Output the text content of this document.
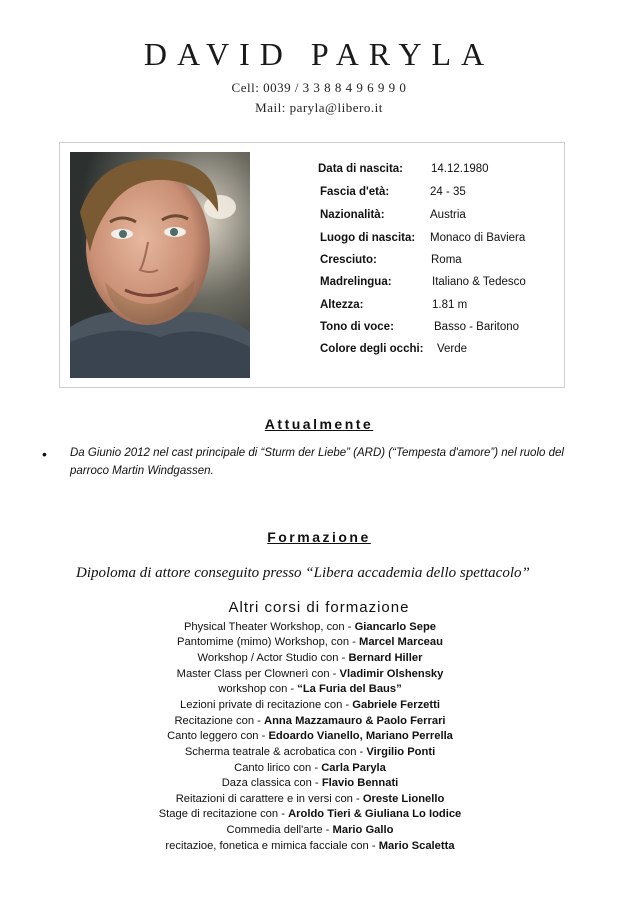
DAVID PARYLA
Cell: 0039 / 3 3 8 8 4 9 6 9 9 0
Mail: paryla@libero.it
Data di nascita: 14.12.1980
Fascia d'età:	24 - 35
Nazionalità:	Austria
Luogo di nascita: Monaco di Baviera
Cresciuto:	Roma
Madrelingua:	Italiano & Tedesco
Altezza:	1.81 m
Tono di voce:	Basso - Baritono
Colore degli occhi: Verde
Attualmente
• Da Giunio 2012 nel cast principale di “Sturm der Liebe” (ARD) (“Tempesta d'amore”) nel ruolo del parroco Martin Windgassen.
Formazione
Dipoloma di attore conseguito presso “Libera accademia dello spettacolo”
Altri corsi di formazione
Physical Theater Workshop, con - Giancarlo Sepe
Pantomime (mimo) Workshop, con - Marcel Marceau
Workshop / Actor Studio con - Bernard Hiller
Master Class per Clownerì con - Vladimir Olshensky
workshop con - “La Furia del Baus”
Lezioni private di recitazione con - Gabriele Ferzetti
Recitazione con - Anna Mazzamauro & Paolo Ferrari
Canto leggero con - Edoardo Vianello, Mariano Perrella
Scherma teatrale & acrobatica con - Virgilio Ponti
Canto lirico con - Carla Paryla
Daza classica con - Flavio Bennati
Reitazioni di carattere e in versi con - Oreste Lionello
Stage di recitazione con - Aroldo Tieri & Giuliana Lo Iodice
Commedia dell'arte - Mario Gallo
recitazioe, fonetica e mimica facciale con - Mario Scaletta
